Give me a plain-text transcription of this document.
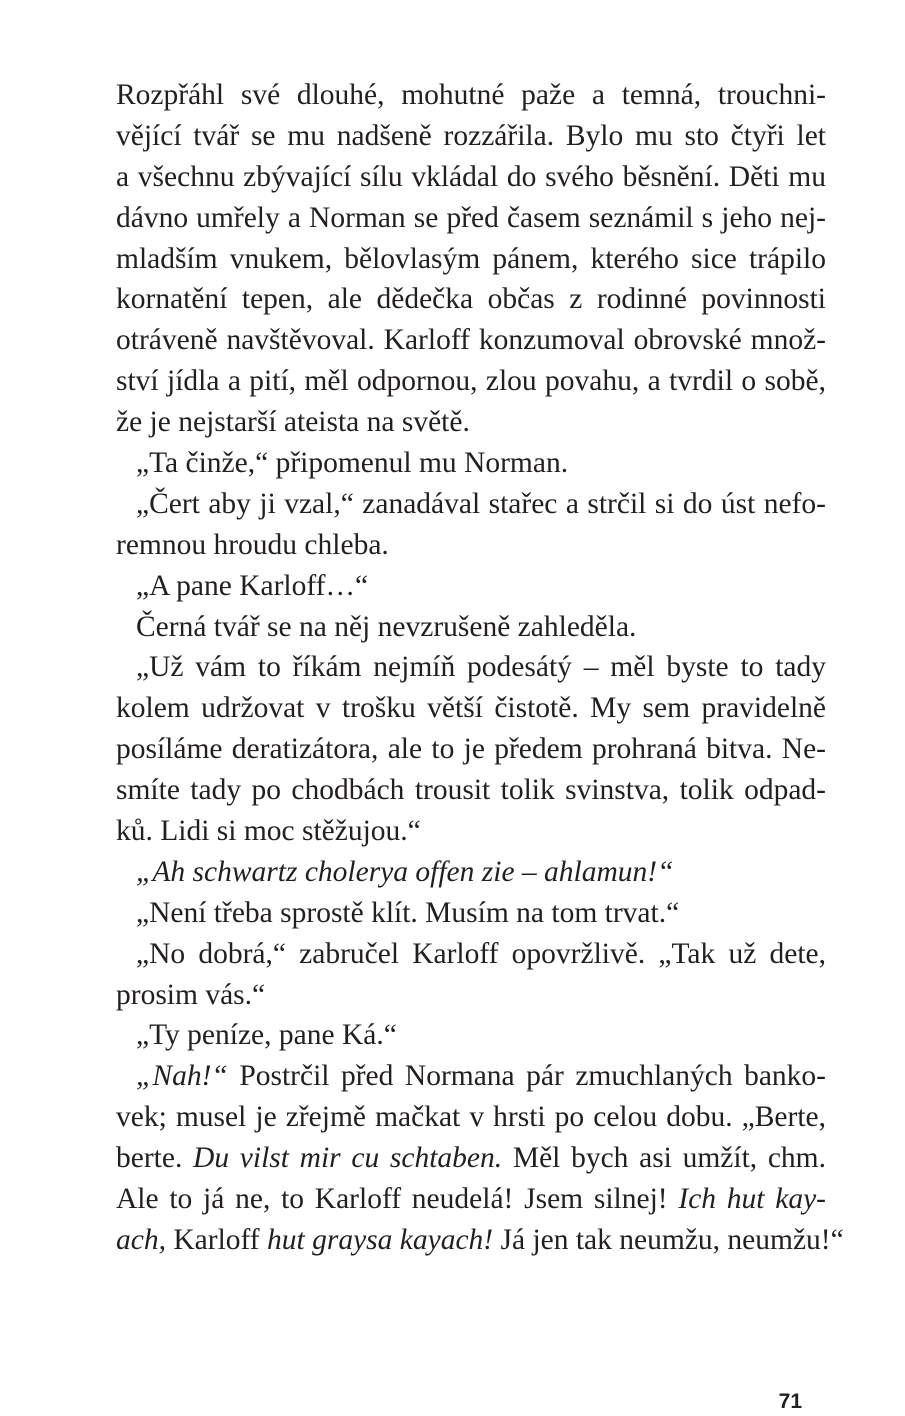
Rozpřáhl své dlouhé, mohutné paže a temná, trouchni-
vějící tvář se mu nadšeně rozzářila. Bylo mu sto čtyři let
a všechnu zbývající sílu vkládal do svého běsnění. Děti mu
dávno umřely a Norman se před časem seznámil s jeho nej-
mladším vnukem, bělovlasým pánem, kterého sice trápilo
kornatění tepen, ale dědečka občas z rodinné povinnosti
otráveně navštěvoval. Karloff konzumoval obrovské množ-
ství jídla a pití, měl odpornou, zlou povahu, a tvrdil o sobě,
že je nejstarší ateista na světě.
„Ta činže,“ připomenul mu Norman.
„Čert aby ji vzal,“ zanadával stařec a strčil si do úst nefo-
remnou hroudu chleba.
„A pane Karloff…“
Černá tvář se na něj nevzrušeně zahleděla.
„Už vám to říkám nejmíň podesátý – měl byste to tady
kolem udržovat v trošku větší čistotě. My sem pravidelně
posíláme deratizátora, ale to je předem prohraná bitva. Ne-
smíte tady po chodbách trousit tolik svinstva, tolik odpad-
ků. Lidi si moc stěžujou.“
„Ah schwartz cholerya offen zie – ahlamun!“
„Není třeba sprostě klít. Musím na tom trvat.“
„No dobrá,“ zabručel Karloff opovržlivě. „Tak už dete,
prosim vás.“
„Ty peníze, pane Ká.“
„Nah!“ Postrčil před Normana pár zmuchlaných banko-
vek; musel je zřejmě mačkat v hrsti po celou dobu. „Berte,
berte. Du vilst mir cu schtaben. Měl bych asi umžít, chm.
Ale to já ne, to Karloff neudelá! Jsem silnej! Ich hut kay-
ach, Karloff hut graysa kayach! Já jen tak neumžu, neumžu!“
71
